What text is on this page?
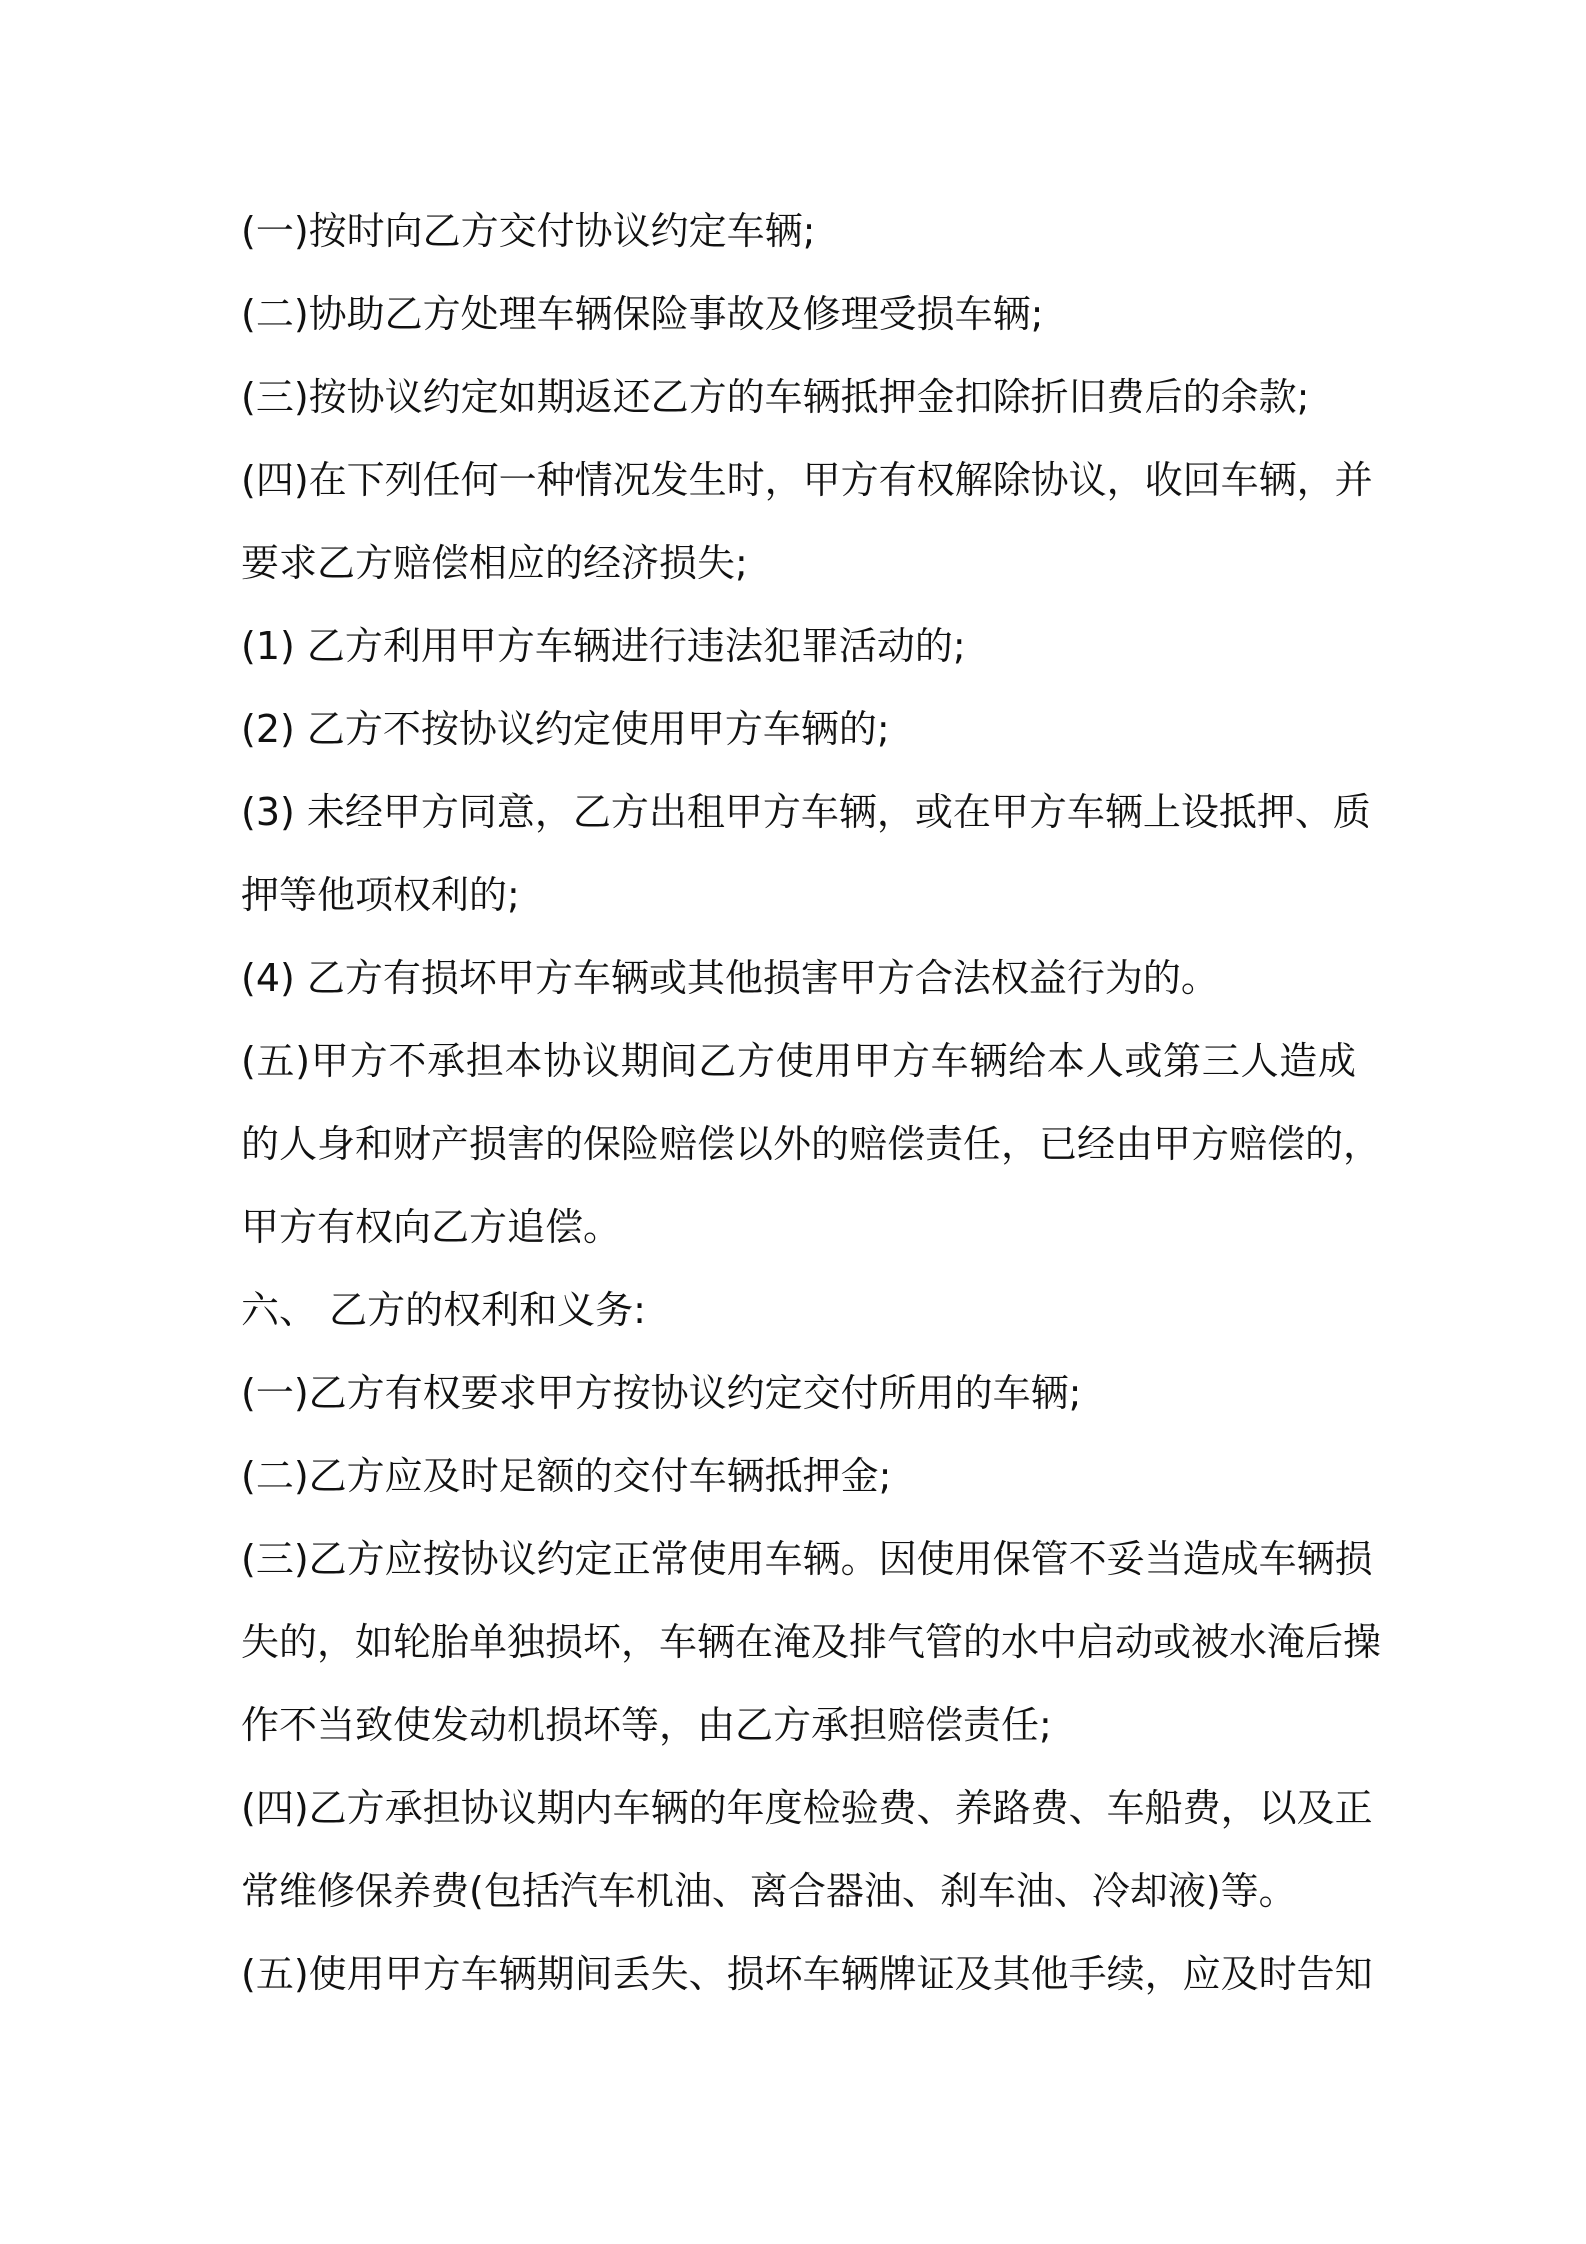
(一)按时向乙方交付协议约定车辆;
(二)协助乙方处理车辆保险事故及修理受损车辆;
(三)按协议约定如期返还乙方的车辆抵押金扣除折旧费后的余款;
(四)在下列任何一种情况发生时，甲方有权解除协议，收回车辆，并
要求乙方赔偿相应的经济损失;
(1) 乙方利用甲方车辆进行违法犯罪活动的;
(2) 乙方不按协议约定使用甲方车辆的;
(3) 未经甲方同意，乙方出租甲方车辆，或在甲方车辆上设抵押、质
押等他项权利的;
(4) 乙方有损坏甲方车辆或其他损害甲方合法权益行为的。
(五)甲方不承担本协议期间乙方使用甲方车辆给本人或第三人造成
的人身和财产损害的保险赔偿以外的赔偿责任，已经由甲方赔偿的，
甲方有权向乙方追偿。
六、 乙方的权利和义务:
(一)乙方有权要求甲方按协议约定交付所用的车辆;
(二)乙方应及时足额的交付车辆抵押金;
(三)乙方应按协议约定正常使用车辆。因使用保管不妥当造成车辆损
失的，如轮胎单独损坏，车辆在淹及排气管的水中启动或被水淹后操
作不当致使发动机损坏等，由乙方承担赔偿责任;
(四)乙方承担协议期内车辆的年度检验费、养路费、车船费，以及正
常维修保养费(包括汽车机油、离合器油、刹车油、冷却液)等。
(五)使用甲方车辆期间丢失、损坏车辆牌证及其他手续，应及时告知
